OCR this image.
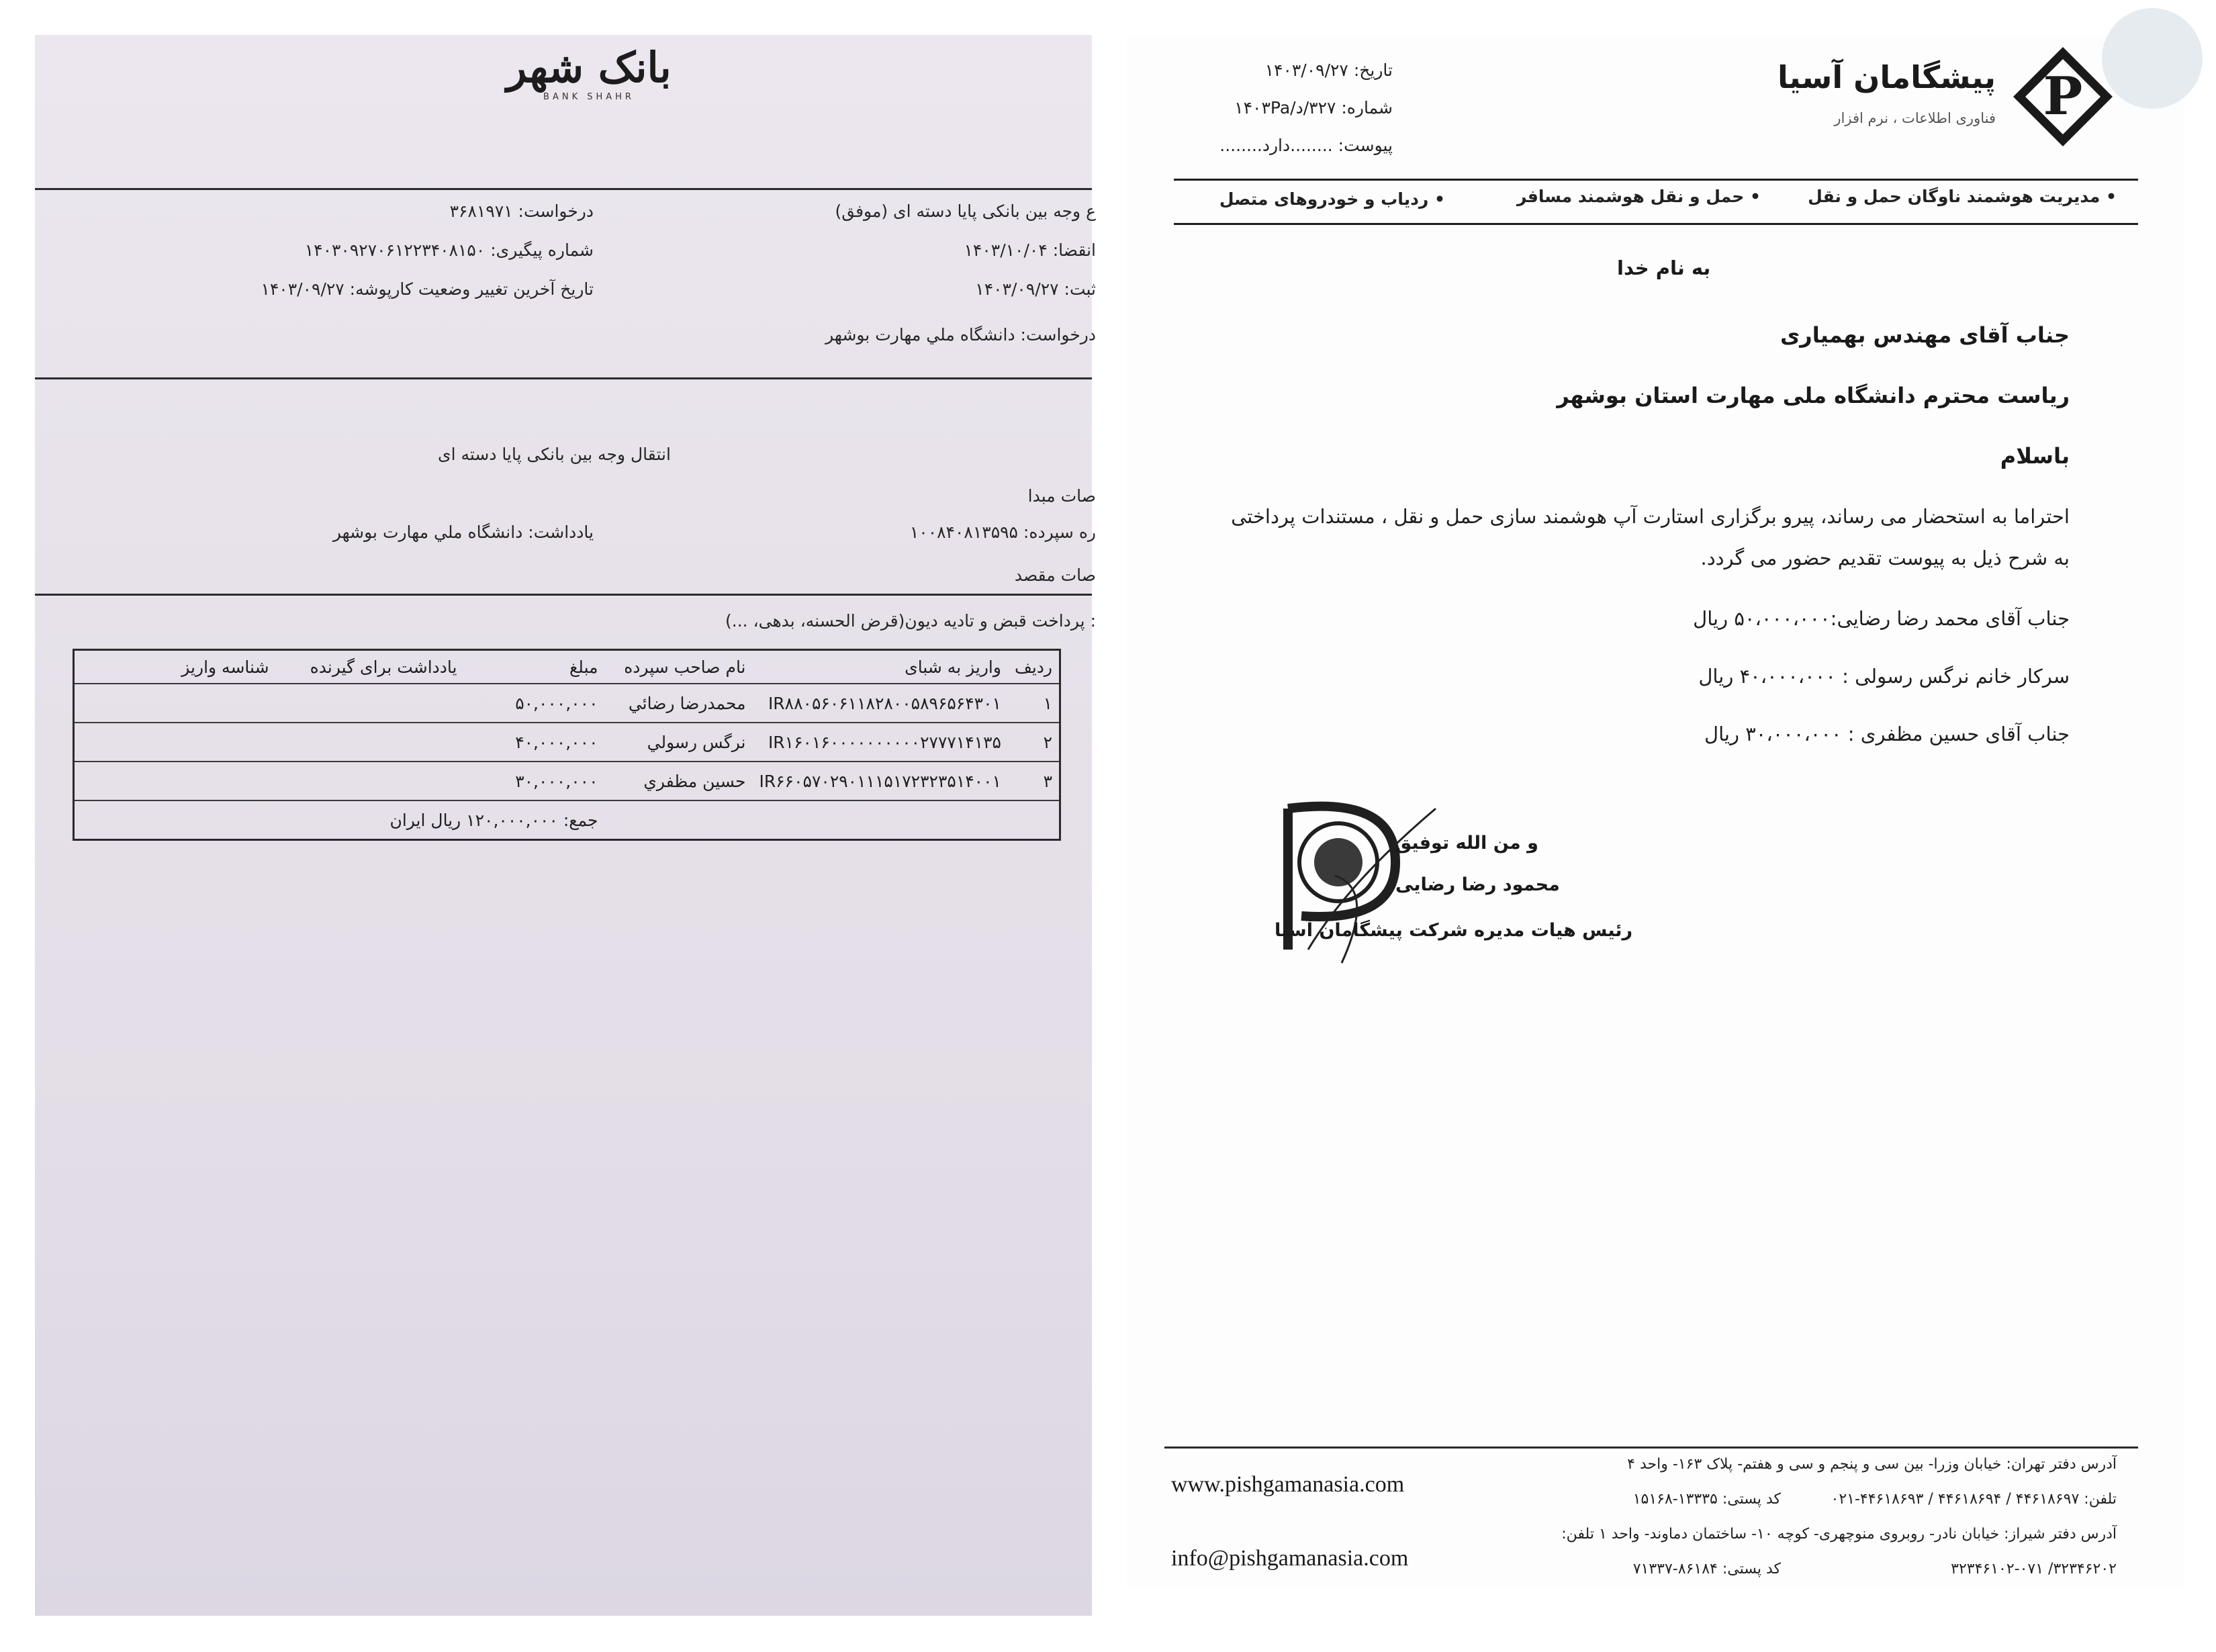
بانک شهر
BANK SHAHR
درخواست: ۳۶۸۱۹۷۱
شماره پیگیری: ۱۴۰۳۰۹۲۷۰۶۱۲۲۳۴۰۸۱۵۰
تاریخ آخرین تغییر وضعیت کارپوشه: ۱۴۰۳/۰۹/۲۷
ع وجه بین بانکی پایا دسته ای (موفق)
انقضا: ۱۴۰۳/۱۰/۰۴
ثبت: ۱۴۰۳/۰۹/۲۷
درخواست: دانشگاه ملي مهارت بوشهر
انتقال وجه بین بانکی پایا دسته ای
صات مبدا
ره سپرده: ۱۰۰۸۴۰۸۱۳۵۹۵
یادداشت: دانشگاه ملي مهارت بوشهر
صات مقصد
: پرداخت قبض و تادیه دیون(قرض الحسنه، بدهی، ...)
ردیف	واریز به شبای	نام صاحب سپرده	مبلغ	یادداشت برای گیرنده	شناسه واریز
۱	IR۸۸۰۵۶۰۶۱۱۸۲۸۰۰۵۸۹۶۵۶۴۳۰۱	محمدرضا رضائي	۵۰,۰۰۰,۰۰۰		
۲	IR۱۶۰۱۶۰۰۰۰۰۰۰۰۰۰۲۷۷۷۱۴۱۳۵	نرگس رسولي	۴۰,۰۰۰,۰۰۰		
۳	IR۶۶۰۵۷۰۲۹۰۱۱۱۵۱۷۲۳۲۳۵۱۴۰۰۱	حسین مظفري	۳۰,۰۰۰,۰۰۰		
			جمع: ۱۲۰,۰۰۰,۰۰۰ ریال ایران		
P
پیشگامان آسیا
فناوری اطلاعات ، نرم افزار
تاریخ: ۱۴۰۳/۰۹/۲۷
شماره: ۳۲۷/د/۱۴۰۳Pa
پیوست: ........دارد........
• مدیریت هوشمند ناوگان حمل و نقل
• حمل و نقل هوشمند مسافر
• ردیاب و خودروهای متصل
به نام خدا
جناب آقای مهندس بهمیاری
ریاست محترم دانشگاه ملی مهارت استان بوشهر
باسلام
احتراما به استحضار می رساند، پیرو برگزاری استارت آپ هوشمند سازی حمل و نقل ، مستندات پرداختی
به شرح ذیل به پیوست تقدیم حضور می گردد.
جناب آقای محمد رضا رضایی:۵۰،۰۰۰،۰۰۰ ریال
سرکار خانم نرگس رسولی : ۴۰،۰۰۰،۰۰۰ ریال
جناب آقای حسین مظفری : ۳۰،۰۰۰،۰۰۰ ریال
و من الله توفیق
محمود رضا رضایی
رئیس هیات مدیره شرکت پیشگامان آسیا
www.pishgamanasia.com
info@pishgamanasia.com
آدرس دفتر تهران: خیابان وزرا- بین سی و پنجم و سی و هفتم- پلاک ۱۶۳- واحد ۴
تلفن: ۴۴۶۱۸۶۹۷ / ۴۴۶۱۸۶۹۴ / ۴۴۶۱۸۶۹۳-۰۲۱
کد پستی: ۱۳۳۳۵-۱۵۱۶۸
آدرس دفتر شیراز: خیابان نادر- روبروی منوچهری- کوچه ۱۰- ساختمان دماوند- واحد ۱ تلفن:
۳۲۳۴۶۲۰۲/ ۳۲۳۴۶۱۰۲-۰۷۱
کد پستی: ۸۶۱۸۴-۷۱۳۳۷
